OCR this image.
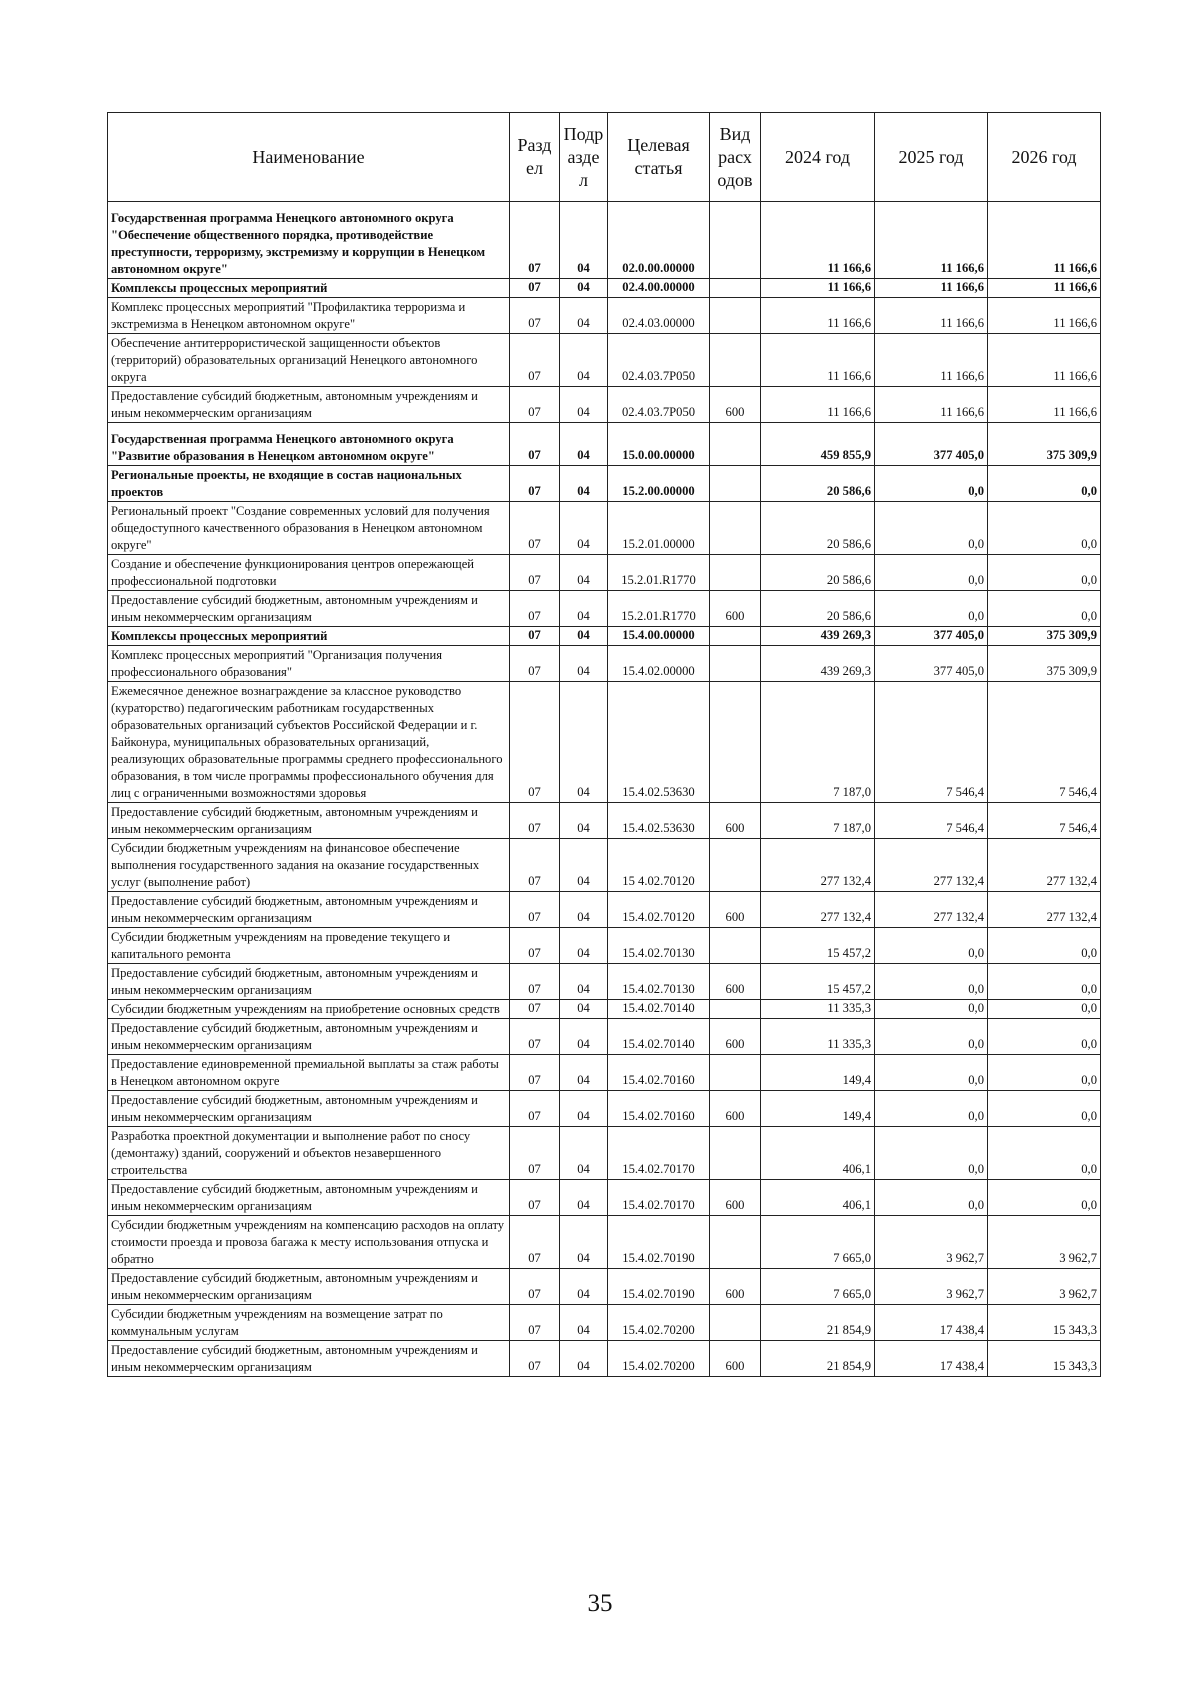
Наименование	Разд ел	Подр азде л	Целевая статья	Вид расх одов	2024 год	2025 год	2026 год
Государственная программа Ненецкого автономного округа "Обеспечение общественного порядка, противодействие преступности, терроризму, экстремизму и коррупции в Ненецком автономном округе"	07	04	02.0.00.00000		11 166,6	11 166,6	11 166,6
Комплексы процессных мероприятий	07	04	02.4.00.00000		11 166,6	11 166,6	11 166,6
Комплекс процессных мероприятий "Профилактика терроризма и экстремизма в Ненецком автономном округе"	07	04	02.4.03.00000		11 166,6	11 166,6	11 166,6
Обеспечение антитеррористической защищенности объектов (территорий) образовательных организаций Ненецкого автономного округа	07	04	02.4.03.7Р050		11 166,6	11 166,6	11 166,6
Предоставление субсидий бюджетным, автономным учреждениям и иным некоммерческим организациям	07	04	02.4.03.7Р050	600	11 166,6	11 166,6	11 166,6
Государственная программа Ненецкого автономного округа "Развитие образования в Ненецком автономном округе"	07	04	15.0.00.00000		459 855,9	377 405,0	375 309,9
Региональные проекты, не входящие в состав национальных проектов	07	04	15.2.00.00000		20 586,6	0,0	0,0
Региональный проект "Создание современных условий для получения общедоступного качественного образования в Ненецком автономном округе"	07	04	15.2.01.00000		20 586,6	0,0	0,0
Создание и обеспечение функционирования центров опережающей профессиональной подготовки	07	04	15.2.01.R1770		20 586,6	0,0	0,0
Предоставление субсидий бюджетным, автономным учреждениям и иным некоммерческим организациям	07	04	15.2.01.R1770	600	20 586,6	0,0	0,0
Комплексы процессных мероприятий	07	04	15.4.00.00000		439 269,3	377 405,0	375 309,9
Комплекс процессных мероприятий "Организация получения профессионального образования"	07	04	15.4.02.00000		439 269,3	377 405,0	375 309,9
Ежемесячное денежное вознаграждение за классное руководство (кураторство) педагогическим работникам государственных образовательных организаций субъектов Российской Федерации и г. Байконура, муниципальных образовательных организаций, реализующих образовательные программы среднего профессионального образования, в том числе программы профессионального обучения для лиц с ограниченными возможностями здоровья	07	04	15.4.02.53630		7 187,0	7 546,4	7 546,4
Предоставление субсидий бюджетным, автономным учреждениям и иным некоммерческим организациям	07	04	15.4.02.53630	600	7 187,0	7 546,4	7 546,4
Субсидии бюджетным учреждениям на финансовое обеспечение выполнения государственного задания на оказание государственных услуг (выполнение работ)	07	04	15 4.02.70120		277 132,4	277 132,4	277 132,4
Предоставление субсидий бюджетным, автономным учреждениям и иным некоммерческим организациям	07	04	15.4.02.70120	600	277 132,4	277 132,4	277 132,4
Субсидии бюджетным учреждениям на проведение текущего и капитального ремонта	07	04	15.4.02.70130		15 457,2	0,0	0,0
Предоставление субсидий бюджетным, автономным учреждениям и иным некоммерческим организациям	07	04	15.4.02.70130	600	15 457,2	0,0	0,0
Субсидии бюджетным учреждениям на приобретение основных средств	07	04	15.4.02.70140		11 335,3	0,0	0,0
Предоставление субсидий бюджетным, автономным учреждениям и иным некоммерческим организациям	07	04	15.4.02.70140	600	11 335,3	0,0	0,0
Предоставление единовременной премиальной выплаты за стаж работы в Ненецком автономном округе	07	04	15.4.02.70160		149,4	0,0	0,0
Предоставление субсидий бюджетным, автономным учреждениям и иным некоммерческим организациям	07	04	15.4.02.70160	600	149,4	0,0	0,0
Разработка проектной документации и выполнение работ по сносу (демонтажу) зданий, сооружений и объектов незавершенного строительства	07	04	15.4.02.70170		406,1	0,0	0,0
Предоставление субсидий бюджетным, автономным учреждениям и иным некоммерческим организациям	07	04	15.4.02.70170	600	406,1	0,0	0,0
Субсидии бюджетным учреждениям на компенсацию расходов на оплату стоимости проезда и провоза багажа к месту использования отпуска и обратно	07	04	15.4.02.70190		7 665,0	3 962,7	3 962,7
Предоставление субсидий бюджетным, автономным учреждениям и иным некоммерческим организациям	07	04	15.4.02.70190	600	7 665,0	3 962,7	3 962,7
Субсидии бюджетным учреждениям на возмещение затрат по коммунальным услугам	07	04	15.4.02.70200		21 854,9	17 438,4	15 343,3
Предоставление субсидий бюджетным, автономным учреждениям и иным некоммерческим организациям	07	04	15.4.02.70200	600	21 854,9	17 438,4	15 343,3
35
